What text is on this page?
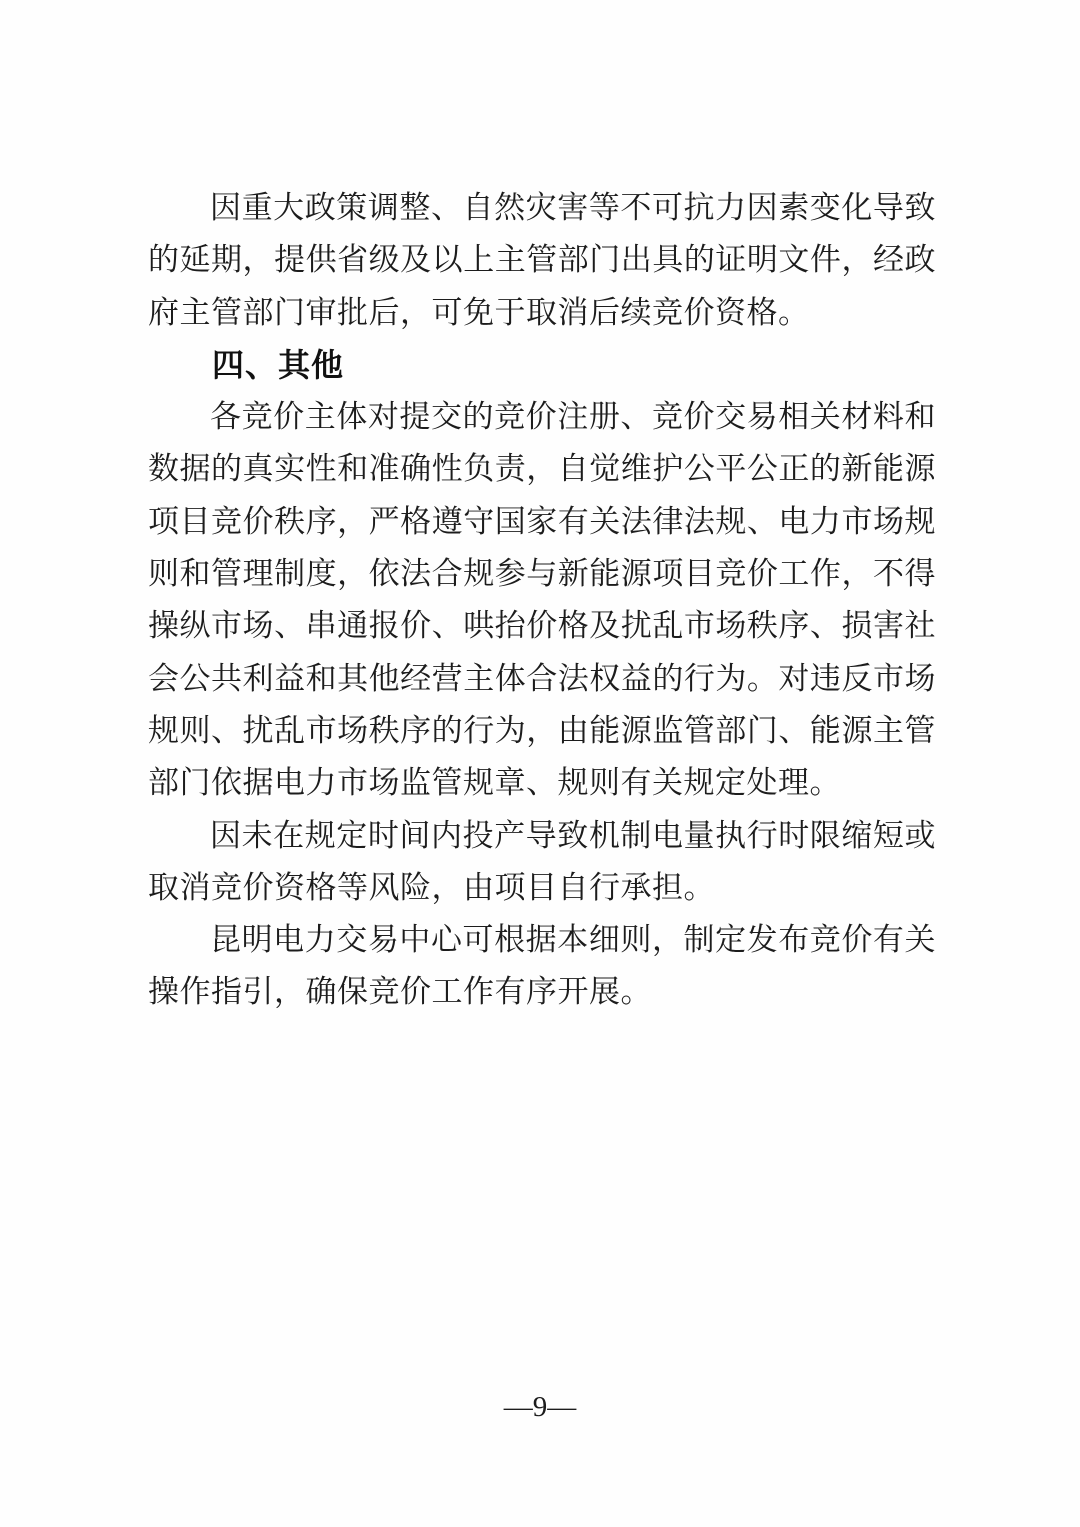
因重大政策调整、自然灾害等不可抗力因素变化导致的延期，提供省级及以上主管部门出具的证明文件，经政府主管部门审批后，可免于取消后续竞价资格。

四、其他

各竞价主体对提交的竞价注册、竞价交易相关材料和数据的真实性和准确性负责，自觉维护公平公正的新能源项目竞价秩序，严格遵守国家有关法律法规、电力市场规则和管理制度，依法合规参与新能源项目竞价工作，不得操纵市场、串通报价、哄抬价格及扰乱市场秩序、损害社会公共利益和其他经营主体合法权益的行为。对违反市场规则、扰乱市场秩序的行为，由能源监管部门、能源主管部门依据电力市场监管规章、规则有关规定处理。

因未在规定时间内投产导致机制电量执行时限缩短或取消竞价资格等风险，由项目自行承担。

昆明电力交易中心可根据本细则，制定发布竞价有关操作指引，确保竞价工作有序开展。

—9—
